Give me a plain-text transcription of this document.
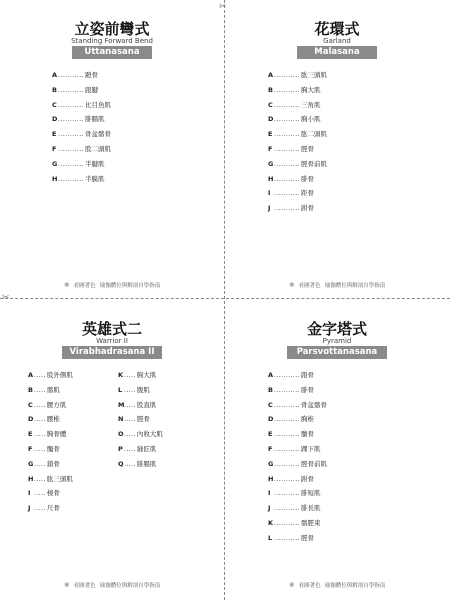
✂
✂
立姿前彎式
Standing Forward Bend
Uttanasana
A ........... 蹠骨
B ........... 跟腱
C ........... 比目魚肌
D ........... 腓腸肌
E ........... 骨盆髂骨
F ........... 股二頭肌
G ........... 半腱肌
H ........... 半膜肌
❀ 看圖著色 瑜伽體位與解剖自學指南
花環式
Garland
Malasana
A ........... 肱三頭肌
B ........... 胸大肌
C ........... 三角肌
D ........... 胸小肌
E ........... 肱二頭肌
F ........... 脛骨
G ........... 脛骨前肌
H ........... 腓骨
I ........... 距骨
J ........... 跗骨
❀ 看圖著色 瑜伽體位與解剖自學指南
英雄式二
Warrior II
Virabhadrasana II
A ..... 股外側肌
B ..... 髂肌
C ..... 腰方肌
D ..... 腰椎
E ..... 胸骨體
F ..... 髖骨
G ..... 鎖骨
H ..... 肱三頭肌
I ..... 橈骨
J ..... 尺骨
K ..... 胸大肌
L ..... 腹肌
M ..... 股直肌
N ..... 脛骨
O ..... 內收大肌
P ..... 縫匠肌
Q ..... 腓腸肌
❀ 看圖著色 瑜伽體位與解剖自學指南
金字塔式
Pyramid
Parsvottanasana
A ........... 跟骨
B ........... 腓骨
C ........... 骨盆髂骨
D ........... 胸椎
E ........... 髕骨
F ........... 踝下肌
G ........... 脛骨前肌
H ........... 跗骨
I ........... 腓短肌
J ........... 腓長肌
K ........... 髂脛束
L ........... 脛骨
❀ 看圖著色 瑜伽體位與解剖自學指南
